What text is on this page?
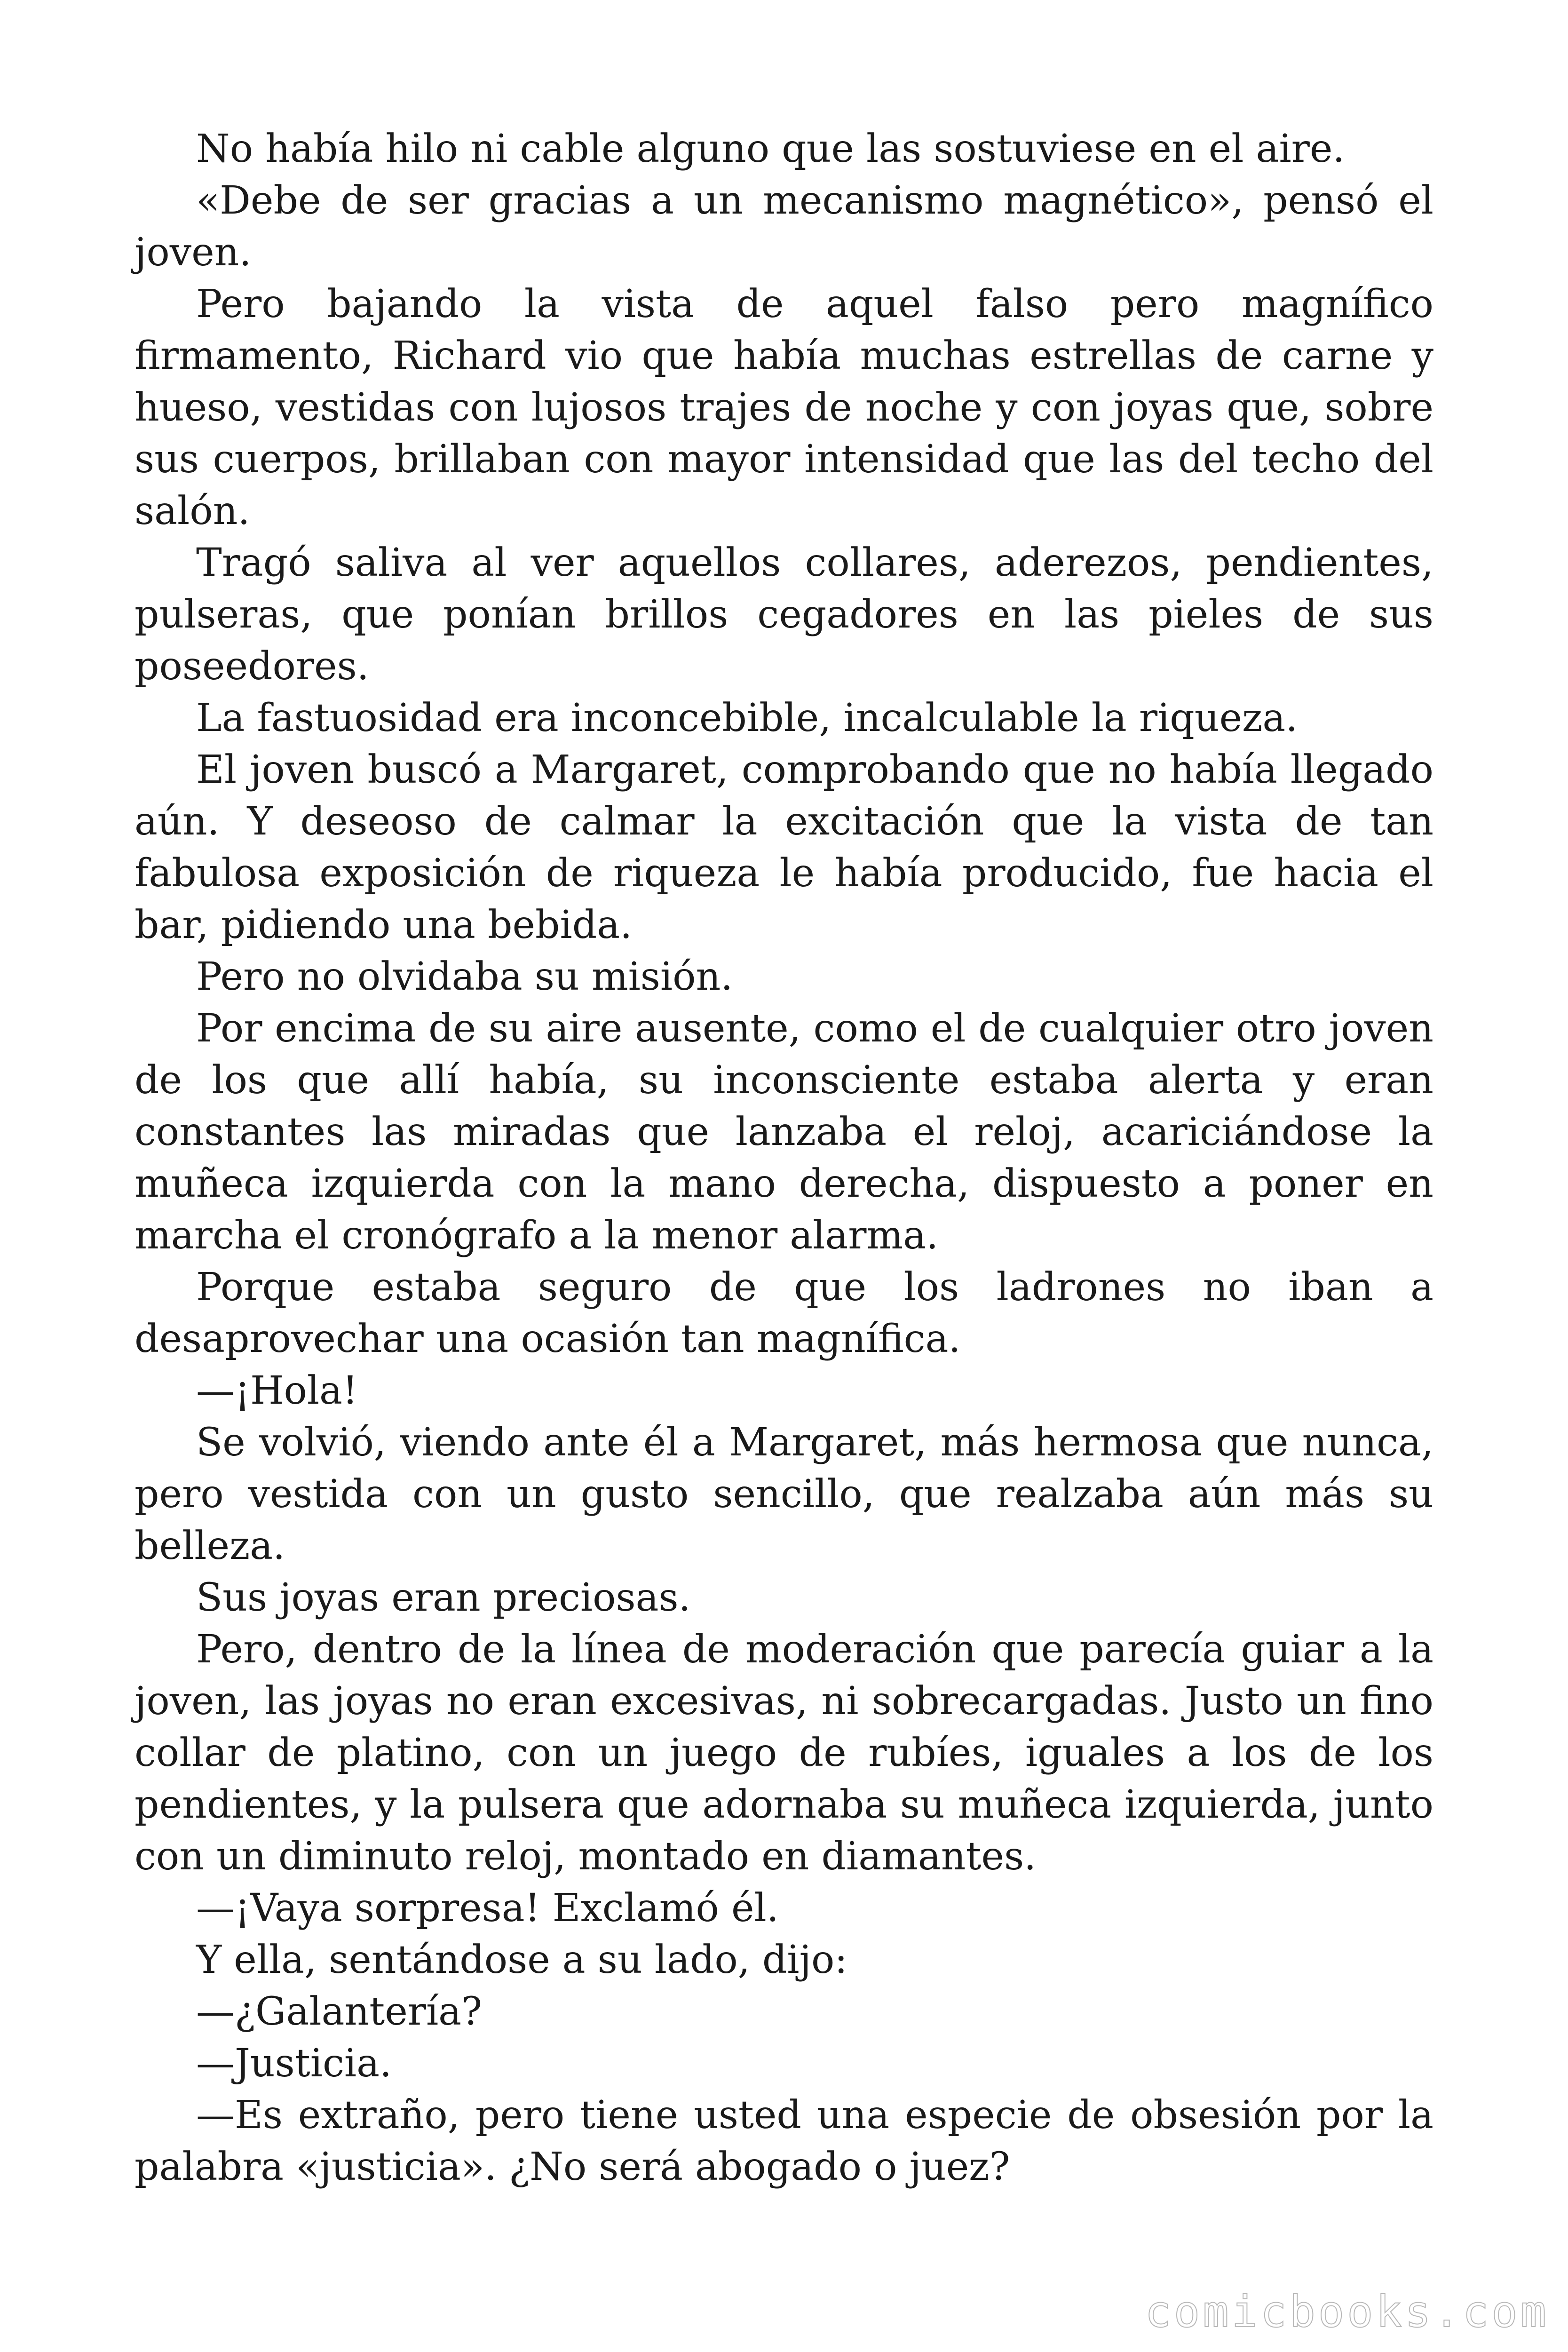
No había hilo ni cable alguno que las sostuviese en el aire.

«Debe de ser gracias a un mecanismo magnético», pensó el joven.

Pero bajando la vista de aquel falso pero magnífico firmamento, Richard vio que había muchas estrellas de carne y hueso, vestidas con lujosos trajes de noche y con joyas que, sobre sus cuerpos, brillaban con mayor intensidad que las del techo del salón.

Tragó saliva al ver aquellos collares, aderezos, pendientes, pulseras, que ponían brillos cegadores en las pieles de sus poseedores.

La fastuosidad era inconcebible, incalculable la riqueza.

El joven buscó a Margaret, comprobando que no había llegado aún. Y deseoso de calmar la excitación que la vista de tan fabulosa exposición de riqueza le había producido, fue hacia el bar, pidiendo una bebida.

Pero no olvidaba su misión.

Por encima de su aire ausente, como el de cualquier otro joven de los que allí había, su inconsciente estaba alerta y eran constantes las miradas que lanzaba el reloj, acariciándose la muñeca izquierda con la mano derecha, dispuesto a poner en marcha el cronógrafo a la menor alarma.

Porque estaba seguro de que los ladrones no iban a desaprovechar una ocasión tan magnífica.

—¡Hola!

Se volvió, viendo ante él a Margaret, más hermosa que nunca, pero vestida con un gusto sencillo, que realzaba aún más su belleza.

Sus joyas eran preciosas.

Pero, dentro de la línea de moderación que parecía guiar a la joven, las joyas no eran excesivas, ni sobrecargadas. Justo un fino collar de platino, con un juego de rubíes, iguales a los de los pendientes, y la pulsera que adornaba su muñeca izquierda, junto con un diminuto reloj, montado en diamantes.

—¡Vaya sorpresa! Exclamó él.

Y ella, sentándose a su lado, dijo:

—¿Galantería?

—Justicia.

—Es extraño, pero tiene usted una especie de obsesión por la palabra «justicia». ¿No será abogado o juez?

comicbooks.com
